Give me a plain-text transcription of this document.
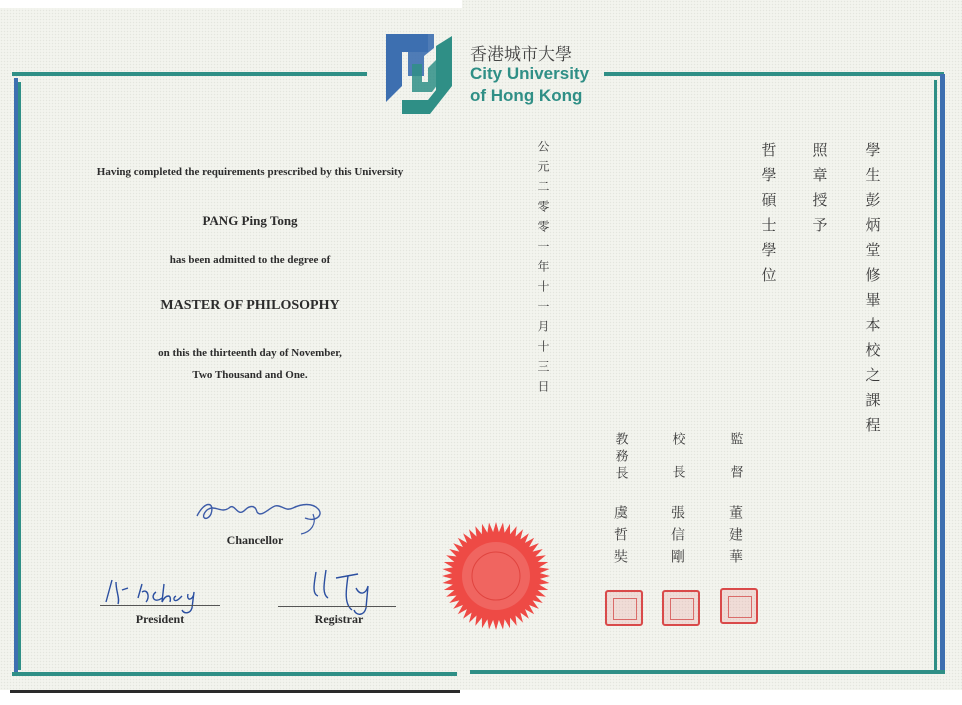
香港城市大學
City University
of Hong Kong
Having completed the requirements prescribed by this University
PANG Ping Tong
has been admitted to the degree of
MASTER OF PHILOSOPHY
on this the thirteenth day of November,
Two Thousand and One.
Chancellor
President	Registrar
學生彭炳堂修畢本校之課程
照章授予
哲學碩士學位
公元二零零一年十一月十三日
監督
董建華
校長
張信剛
教務長
虞哲奘
